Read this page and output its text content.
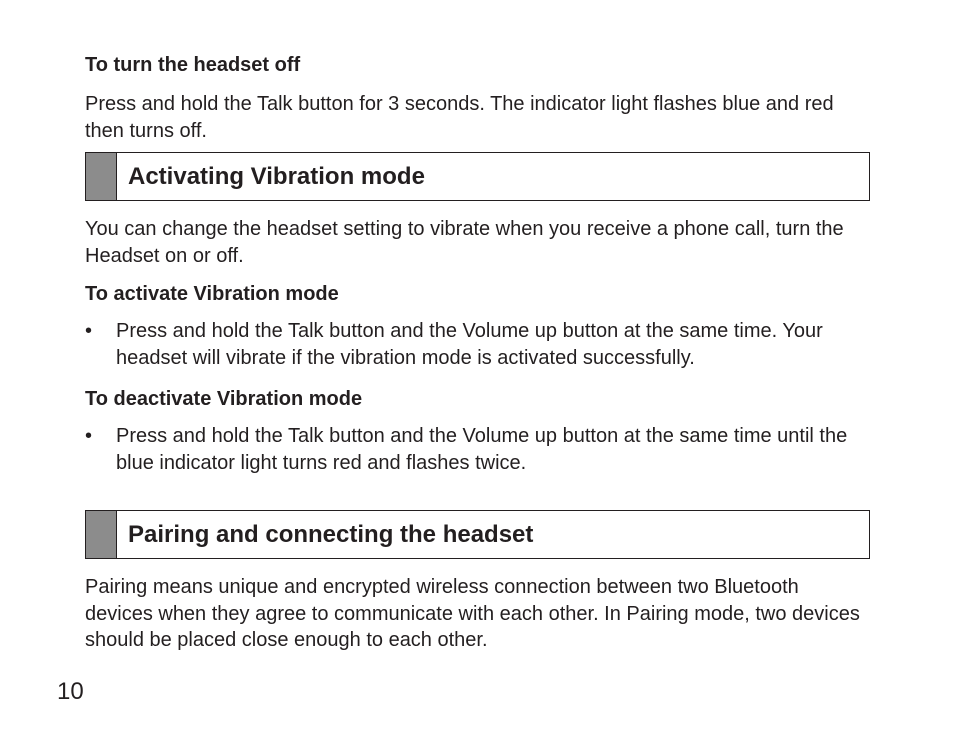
To turn the headset off

Press and hold the Talk button for 3 seconds. The indicator light flashes blue and red then turns off.

Activating Vibration mode

You can change the headset setting to vibrate when you receive a phone call, turn the Headset on or off.

To activate Vibration mode

•	Press and hold the Talk button and the Volume up button at the same time. Your headset will vibrate if the vibration mode is activated successfully.

To deactivate Vibration mode

•	Press and hold the Talk button and the Volume up button at the same time until the blue indicator light turns red and flashes twice.
Pairing and connecting the headset

Pairing means unique and encrypted wireless connection between two Bluetooth devices when they agree to communicate with each other. In Pairing mode, two devices should be placed close enough to each other.

10
